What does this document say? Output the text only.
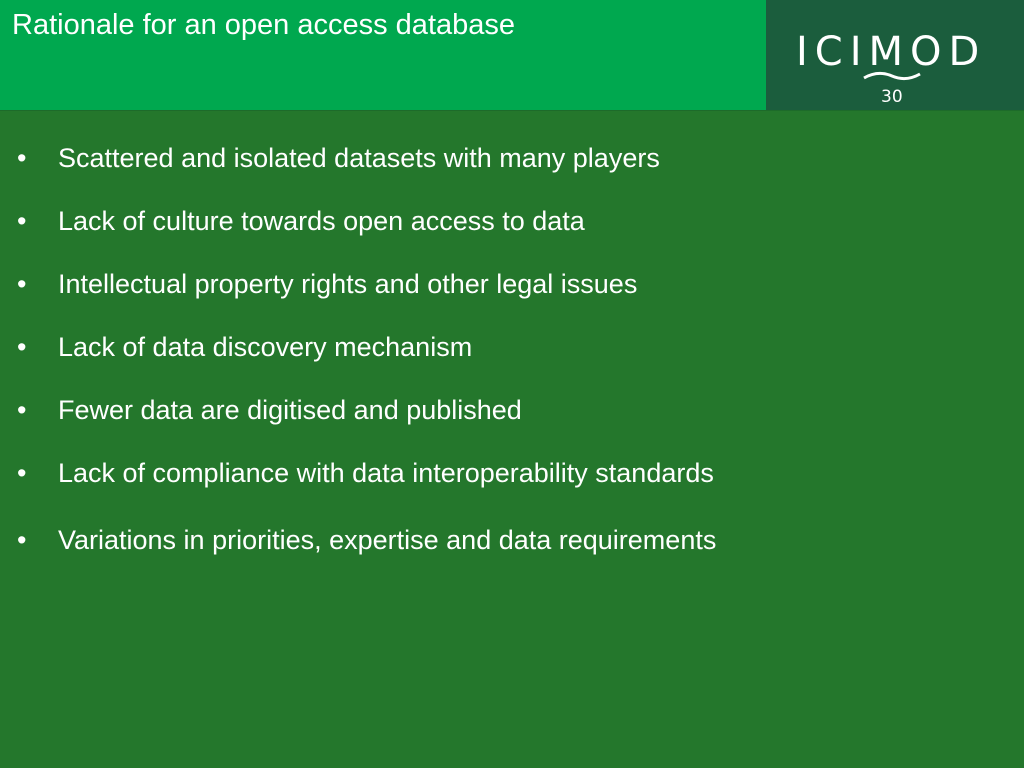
Rationale for an open access database
ICIMOD
30
• Scattered and isolated datasets with many players
• Lack of culture towards open access to data
• Intellectual property rights and other legal issues
• Lack of data discovery mechanism
• Fewer data are digitised and published
• Lack of compliance with data interoperability standards
• Variations in priorities, expertise and data requirements
